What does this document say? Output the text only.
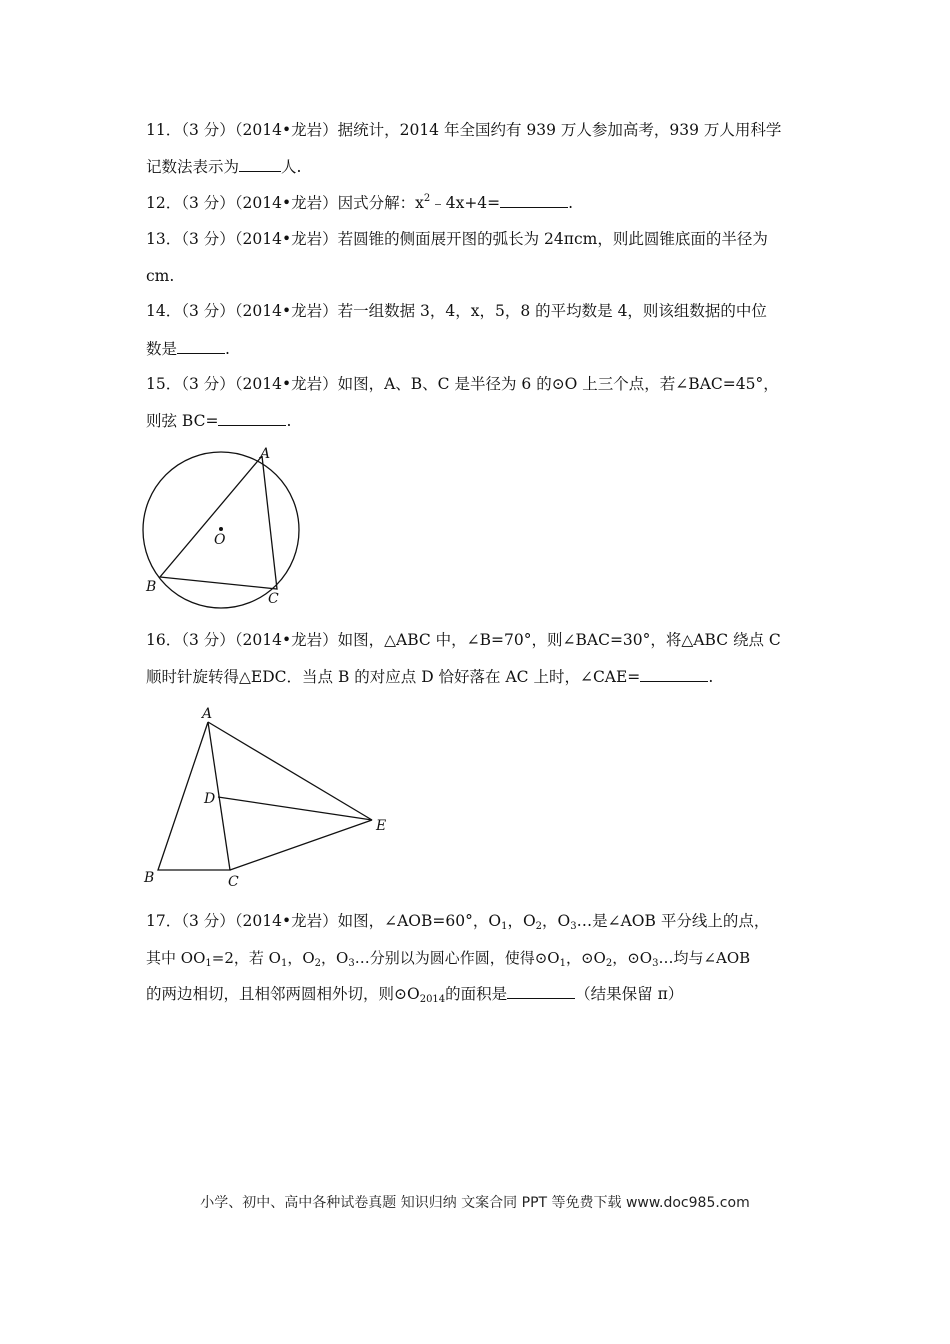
11．（3 分）（2014•龙岩）据统计，2014 年全国约有 939 万人参加高考，939 万人用科学
记数法表示为	人.
12．（3 分）（2014•龙岩）因式分解：$x^2﹣4x+4=$	.
13．（3 分）（2014•龙岩）若圆锥的侧面展开图的弧长为 24πcm，则此圆锥底面的半径为
cm.
14．（3 分）（2014•龙岩）若一组数据 3，4，x，5，8 的平均数是 4，则该组数据的中位
数是	.
15．（3 分）（2014•龙岩）如图，A、B、C 是半径为 6 的⊙O 上三个点，若∠BAC=45°，
则弦 BC=	.
A
B
C
O
16．（3 分）（2014•龙岩）如图，△ABC 中，∠B=70°，则∠BAC=30°，将△ABC 绕点 C
顺时针旋转得△EDC．当点 B 的对应点 D 恰好落在 AC 上时，∠CAE=	.
A
B	C
D
E
17．（3 分）（2014•龙岩）如图，∠AOB=60°，$O_1$，$O_2$，$O_3\dots$是∠AOB 平分线上的点，
其中 $OO_1=2$，若 $O_1$，$O_2$，$O_3\dots$分别以为圆心作圆，使得$⊙O_1$，$⊙O_2$，$⊙O_3\dots$均与∠AOB
的两边相切，且相邻两圆相外切，则$⊙O_{2014}$的面积是	（结果保留 π）
小学、初中、高中各种试卷真题 知识归纳 文案合同 PPT 等免费下载 www.doc985.com
